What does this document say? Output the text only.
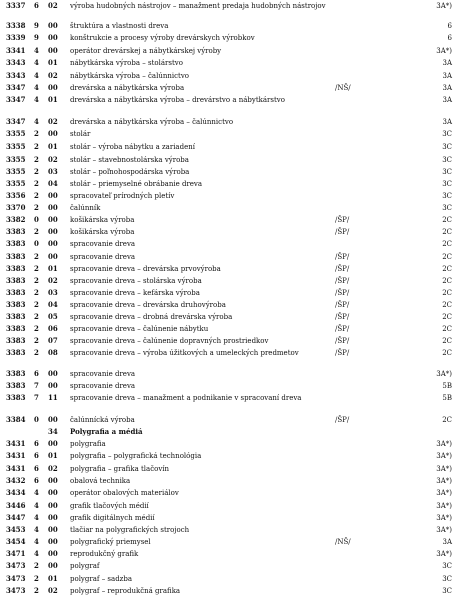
3337 6 02 výroba hudobných nástrojov – manažment predaja hudobných nástrojov	3A*)
3338 9 00 štruktúra a vlastnosti dreva	6
3339 9 00 konštrukcie a procesy výroby drevárskych výrobkov	6
3341 4 00 operátor drevárskej a nábytkárskej výroby	3A*)
3343 4 01 nábytkárska výroba – stolárstvo	3A
3343 4 02 nábytkárska výroba – čalúnnictvo	3A
3347 4 00 drevárska a nábytkárska výroba	/NŠ/	3A
3347 4 01 drevárska a nábytkárska výroba – drevárstvo a nábytkárstvo	3A
3347 4 02 drevárska a nábytkárska výroba – čalúnnictvo	3A
3355 2 00 stolár	3C
3355 2 01 stolár – výroba nábytku a zariadení	3C
3355 2 02 stolár – stavebnostolárska výroba	3C
3355 2 03 stolár – poľnohospodárska výroba	3C
3355 2 04 stolár – priemyselné obrábanie dreva	3C
3356 2 00 spracovateľ prírodných pletív	3C
3370 2 00 čalúnník	3C
3382 0 00 košikárska výroba	/ŠP/	2C
3383 2 00 košikárska výroba	/ŠP/	2C
3383 0 00 spracovanie dreva	2C
3383 2 00 spracovanie dreva	/ŠP/	2C
3383 2 01 spracovanie dreva – drevárska prvovýroba	/ŠP/	2C
3383 2 02 spracovanie dreva – stolárska výroba	/ŠP/	2C
3383 2 03 spracovanie dreva – kefárska výroba	/ŠP/	2C
3383 2 04 spracovanie dreva – drevárska druhovýroba	/ŠP/	2C
3383 2 05 spracovanie dreva – drobná drevárska výroba	/ŠP/	2C
3383 2 06 spracovanie dreva – čalúnenie nábytku	/ŠP/	2C
3383 2 07 spracovanie dreva – čalúnenie dopravných prostriedkov	/ŠP/	2C
3383 2 08 spracovanie dreva – výroba úžitkových a umeleckých predmetov	/ŠP/	2C
3383 6 00 spracovanie dreva	3A*)
3383 7 00 spracovanie dreva	5B
3383 7 11 spracovanie dreva – manažment a podnikanie v spracovaní dreva	5B
3384 0 00 čalúnnícká výroba	/ŠP/	2C
34 Polygrafia a médiá
3431 6 00 polygrafia	3A*)
3431 6 01 polygrafia – polygrafická technológia	3A*)
3431 6 02 polygrafia – grafika tlačovín	3A*)
3432 6 00 obalová technika	3A*)
3434 4 00 operátor obalových materiálov	3A*)
3446 4 00 grafik tlačových médií	3A*)
3447 4 00 grafik digitálnych médií	3A*)
3453 4 00 tlačiar na polygrafických strojoch	3A*)
3454 4 00 polygrafický priemysel	/NŠ/	3A
3471 4 00 reprodukčný grafik	3A*)
3473 2 00 polygraf	3C
3473 2 01 polygraf – sadzba	3C
3473 2 02 polygraf – reprodukčná grafika	3C
